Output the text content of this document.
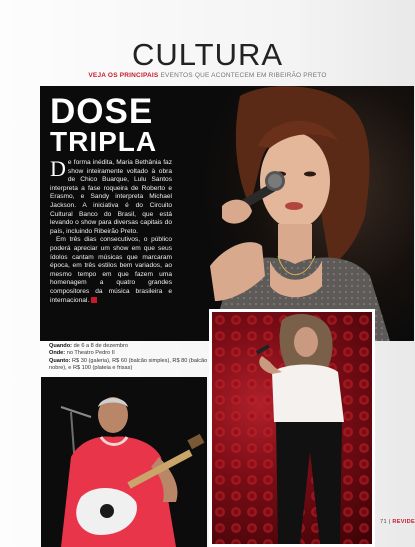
CULTURA
VEJA OS PRINCIPAIS EVENTOS QUE ACONTECEM EM RIBEIRÃO PRETO
DOSE
TRIPLA

De forma inédita, Maria Bethânia faz show inteiramente voltado à obra de Chico Buarque, Lulu Santos interpreta a fase roqueira de Roberto e Erasmo, e Sandy interpreta Michael Jackson. A iniciativa é do Circuito Cultural Banco do Brasil, que está levando o show para diversas capitais do país, incluindo Ribeirão Preto.

Em três dias consecutivos, o público poderá apreciar um show em que seus ídolos cantam músicas que marcaram época, em três estilos bem variados, ao mesmo tempo em que fazem uma homenagem a quatro grandes compositores da música brasileira e internacional.

Quando: de 6 a 8 de dezembro
Onde: no Theatro Pedro II
Quanto: R$ 30 (galeria), R$ 60 (balcão simples), R$ 80 (balcão nobre), e R$ 100 (plateia e frisas)
71 | REVIDE
